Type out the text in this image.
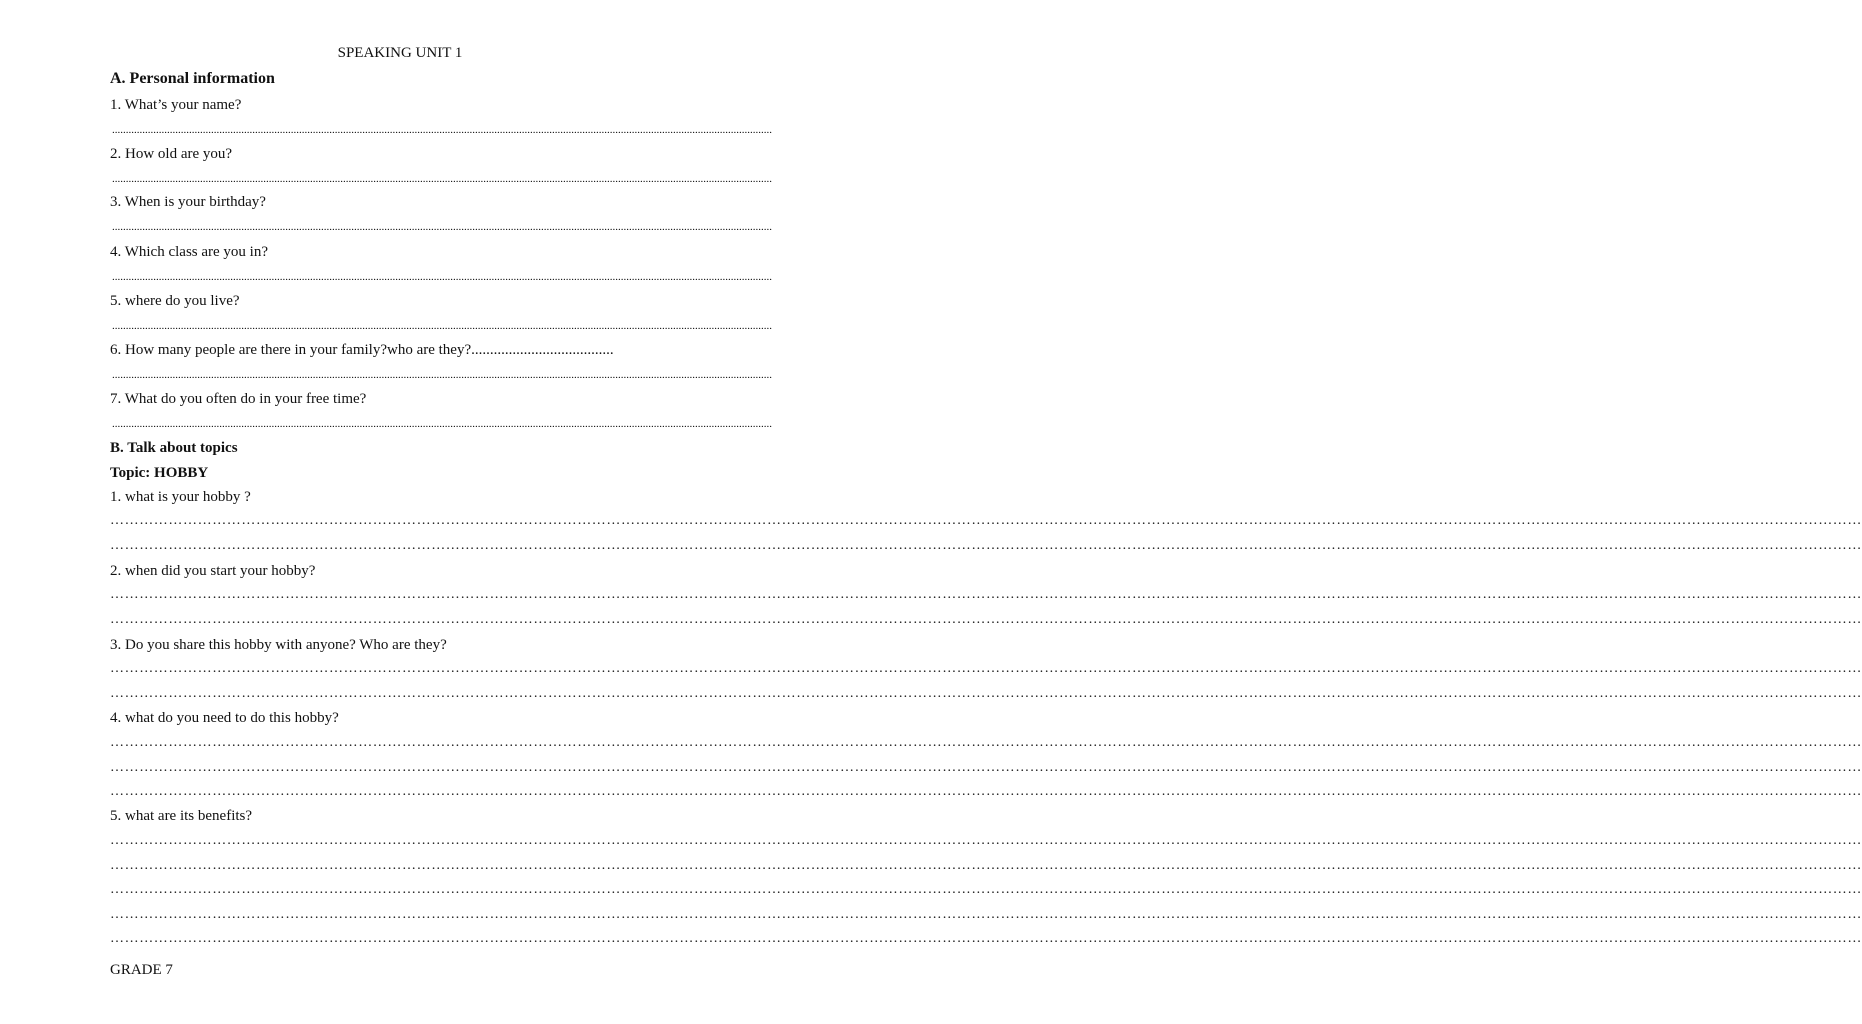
SPEAKING UNIT 1
A. Personal information
1. What’s your name?
................................................................................................................................................................................................................................................
2. How old are you?
................................................................................................................................................................................................................................................
3. When is your birthday?
................................................................................................................................................................................................................................................
4. Which class are you in?
................................................................................................................................................................................................................................................
5. where do you live?
................................................................................................................................................................................................................................................
6. How many people are there in your family?who are they?......................................
................................................................................................................................................................................................................................................
7. What do you often do in your free time?
................................................................................................................................................................................................................................................
B. Talk about topics
Topic: HOBBY
1. what is your hobby ?
………………………………………………………………………………………………………………………………………………………………………………………………………………………………………………………………………………………………………………………………
………………………………………………………………………………………………………………………………………………………………………………………………………………………………………………………………………………………………………………………………
2. when did you start your hobby?
………………………………………………………………………………………………………………………………………………………………………………………………………………………………………………………………………………………………………………………………
………………………………………………………………………………………………………………………………………………………………………………………………………………………………………………………………………………………………………………………………
3. Do you share this hobby with anyone? Who are they?
………………………………………………………………………………………………………………………………………………………………………………………………………………………………………………………………………………………………………………………………
………………………………………………………………………………………………………………………………………………………………………………………………………………………………………………………………………………………………………………………………
4. what do you need to do this hobby?
………………………………………………………………………………………………………………………………………………………………………………………………………………………………………………………………………………………………………………………………
………………………………………………………………………………………………………………………………………………………………………………………………………………………………………………………………………………………………………………………………
………………………………………………………………………………………………………………………………………………………………………………………………………………………………………………………………………………………………………………………………
5. what are its benefits?
………………………………………………………………………………………………………………………………………………………………………………………………………………………………………………………………………………………………………………………………
………………………………………………………………………………………………………………………………………………………………………………………………………………………………………………………………………………………………………………………………
………………………………………………………………………………………………………………………………………………………………………………………………………………………………………………………………………………………………………………………………
………………………………………………………………………………………………………………………………………………………………………………………………………………………………………………………………………………………………………………………………
………………………………………………………………………………………………………………………………………………………………………………………………………………………………………………………………………………………………………………………………
GRADE 7
